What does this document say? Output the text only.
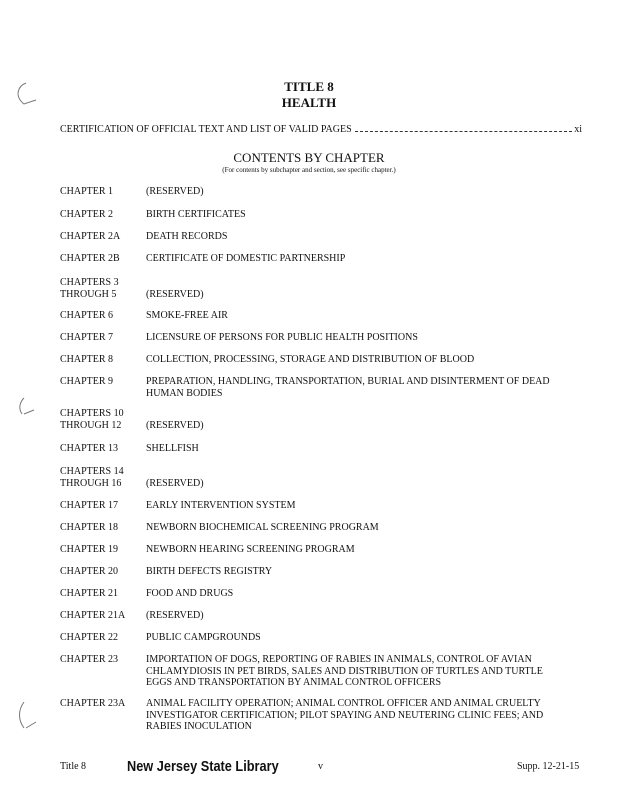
TITLE 8
HEALTH
CERTIFICATION OF OFFICIAL TEXT AND LIST OF VALID PAGES	xi
CONTENTS BY CHAPTER
(For contents by subchapter and section, see specific chapter.)
CHAPTER 1	(RESERVED)
CHAPTER 2	BIRTH CERTIFICATES
CHAPTER 2A	DEATH RECORDS
CHAPTER 2B	CERTIFICATE OF DOMESTIC PARTNERSHIP
CHAPTERS 3
THROUGH 5	(RESERVED)
CHAPTER 6	SMOKE-FREE AIR
CHAPTER 7	LICENSURE OF PERSONS FOR PUBLIC HEALTH POSITIONS
CHAPTER 8	COLLECTION, PROCESSING, STORAGE AND DISTRIBUTION OF BLOOD
CHAPTER 9	PREPARATION, HANDLING, TRANSPORTATION, BURIAL AND DISINTERMENT OF DEAD HUMAN BODIES
CHAPTERS 10
THROUGH 12	(RESERVED)
CHAPTER 13	SHELLFISH
CHAPTERS 14
THROUGH 16	(RESERVED)
CHAPTER 17	EARLY INTERVENTION SYSTEM
CHAPTER 18	NEWBORN BIOCHEMICAL SCREENING PROGRAM
CHAPTER 19	NEWBORN HEARING SCREENING PROGRAM
CHAPTER 20	BIRTH DEFECTS REGISTRY
CHAPTER 21	FOOD AND DRUGS
CHAPTER 21A	(RESERVED)
CHAPTER 22	PUBLIC CAMPGROUNDS
CHAPTER 23	IMPORTATION OF DOGS, REPORTING OF RABIES IN ANIMALS, CONTROL OF AVIAN CHLAMYDIOSIS IN PET BIRDS, SALES AND DISTRIBUTION OF TURTLES AND TURTLE EGGS AND TRANSPORTATION BY ANIMAL CONTROL OFFICERS
CHAPTER 23A	ANIMAL FACILITY OPERATION; ANIMAL CONTROL OFFICER AND ANIMAL CRUELTY INVESTIGATOR CERTIFICATION; PILOT SPAYING AND NEUTERING CLINIC FEES; AND RABIES INOCULATION
Title 8	New Jersey State Library	v	Supp. 12-21-15
